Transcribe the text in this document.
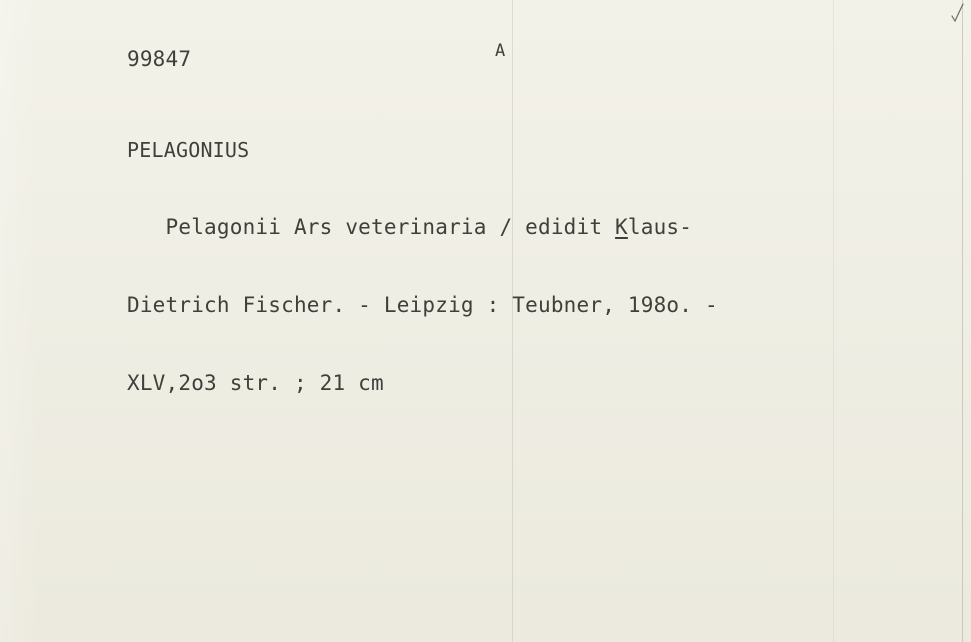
99847	A
PELAGONIUS

Pelagonii Ars veterinaria / edidit Klaus-

Dietrich Fischer. - Leipzig : Teubner, 198o. -

XLV,2o3 str. ; 21 cm
